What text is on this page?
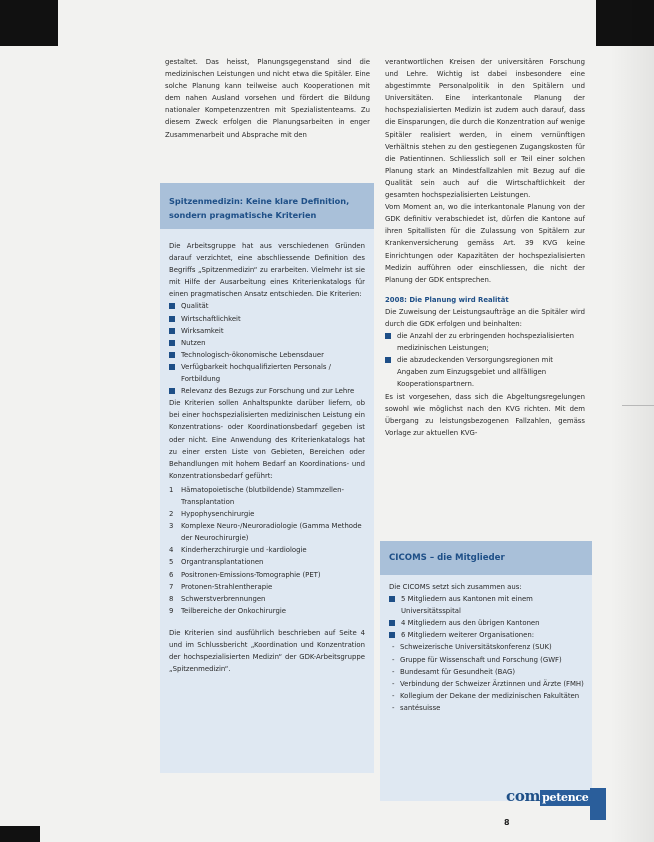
gestaltet. Das heisst, Planungsgegenstand sind die medizinischen Leistungen und nicht etwa die Spitäler. Eine solche Planung kann teilweise auch Kooperationen mit dem nahen Ausland vorsehen und fördert die Bildung nationaler Kompetenzzentren mit Spezialistenteams. Zu diesem Zweck erfolgen die Planungsarbeiten in enger Zusammenarbeit und Absprache mit den

Spitzenmedizin: Keine klare Definition, sondern pragmatische Kriterien

Die Arbeitsgruppe hat aus verschiedenen Gründen darauf verzichtet, eine abschliessende Definition des Begriffs „Spitzenmedizin“ zu erarbeiten. Vielmehr ist sie mit Hilfe der Ausarbeitung eines Kriterienkatalogs für einen pragmatischen Ansatz entschieden. Die Kriterien:

Qualität
Wirtschaftlichkeit
Wirksamkeit
Nutzen
Technologisch-ökonomische Lebensdauer
Verfügbarkeit hochqualifizierten Personals / Fortbildung
Relevanz des Bezugs zur Forschung und zur Lehre

Die Kriterien sollen Anhaltspunkte darüber liefern, ob bei einer hochspezialisierten medizinischen Leistung ein Konzentrations- oder Koordinationsbedarf gegeben ist oder nicht. Eine Anwendung des Kriterienkatalogs hat zu einer ersten Liste von Gebieten, Bereichen oder Behandlungen mit hohem Bedarf an Koordinations- und Konzentrationsbedarf geführt:

1 Hämatopoietische (blutbildende) Stammzellen-Transplantation
2 Hypophysenchirurgie
3 Komplexe Neuro-/Neuroradiologie (Gamma Methode der Neurochirurgie)
4 Kinderherzchirurgie und -kardiologie
5 Organtransplantationen
6 Positronen-Emissions-Tomographie (PET)
7 Protonen-Strahlentherapie
8 Schwerstverbrennungen
9 Teilbereiche der Onkochirurgie

Die Kriterien sind ausführlich beschrieben auf Seite 4 und im Schlussbericht „Koordination und Konzentration der hochspezialisierten Medizin“ der GDK-Arbeitsgruppe „Spitzenmedizin“.

verantwortlichen Kreisen der universitären Forschung und Lehre. Wichtig ist dabei insbesondere eine abgestimmte Personalpolitik in den Spitälern und Universitäten. Eine interkantonale Planung der hochspezialisierten Medizin ist zudem auch darauf, dass die Einsparungen, die durch die Konzentration auf wenige Spitäler realisiert werden, in einem vernünftigen Verhältnis stehen zu den gestiegenen Zugangskosten für die Patientinnen. Schliesslich soll er Teil einer solchen Planung stark an Mindestfallzahlen mit Bezug auf die Qualität sein auch auf die Wirtschaftlichkeit der gesamten hochspezialisierten Leistungen.

Vom Moment an, wo die interkantonale Planung von der GDK definitiv verabschiedet ist, dürfen die Kantone auf ihren Spitallisten für die Zulassung von Spitälern zur Krankenversicherung gemäss Art. 39 KVG keine Einrichtungen oder Kapazitäten der hochspezialisierten Medizin aufführen oder einschliessen, die nicht der Planung der GDK entsprechen.

2008: Die Planung wird Realität

Die Zuweisung der Leistungsaufträge an die Spitäler wird durch die GDK erfolgen und beinhalten:

die Anzahl der zu erbringenden hochspezialisierten medizinischen Leistungen;
die abzudeckenden Versorgungsregionen mit Angaben zum Einzugsgebiet und allfälligen Kooperationspartnern.

Es ist vorgesehen, dass sich die Abgeltungsregelungen sowohl wie möglichst nach den KVG richten. Mit dem Übergang zu leistungsbezogenen Fallzahlen, gemäss Vorlage zur aktuellen KVG-

CICOMS – die Mitglieder

Die CICOMS setzt sich zusammen aus:

5 Mitgliedern aus Kantonen mit einem Universitätsspital
4 Mitgliedern aus den übrigen Kantonen
6 Mitgliedern weiterer Organisationen:
- Schweizerische Universitätskonferenz (SUK)
- Gruppe für Wissenschaft und Forschung (GWF)
- Bundesamt für Gesundheit (BAG)
- Verbindung der Schweizer Ärztinnen und Ärzte (FMH)
- Kollegium der Dekane der medizinischen Fakultäten
- santésuisse
com petence
8
